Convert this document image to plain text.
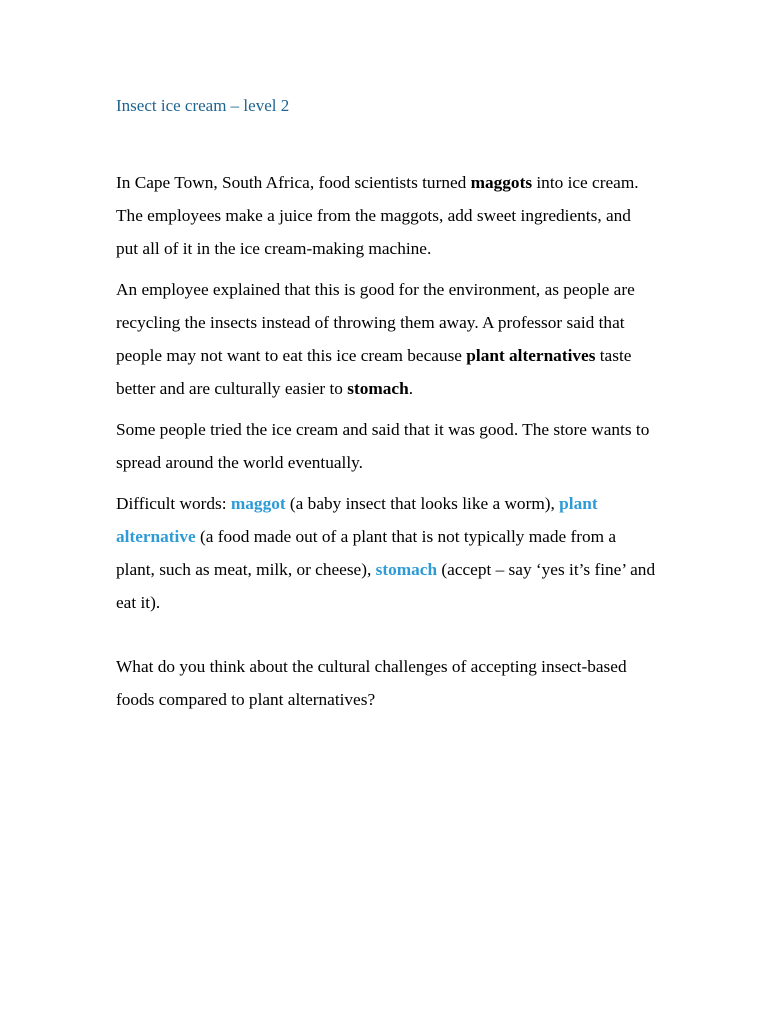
Insect ice cream – level 2

In Cape Town, South Africa, food scientists turned maggots into ice cream. The employees make a juice from the maggots, add sweet ingredients, and put all of it in the ice cream-making machine.

An employee explained that this is good for the environment, as people are recycling the insects instead of throwing them away. A professor said that people may not want to eat this ice cream because plant alternatives taste better and are culturally easier to stomach.

Some people tried the ice cream and said that it was good. The store wants to spread around the world eventually.

Difficult words: maggot (a baby insect that looks like a worm), plant alternative (a food made out of a plant that is not typically made from a plant, such as meat, milk, or cheese), stomach (accept – say ‘yes it’s fine’ and eat it).

What do you think about the cultural challenges of accepting insect-based foods compared to plant alternatives?
